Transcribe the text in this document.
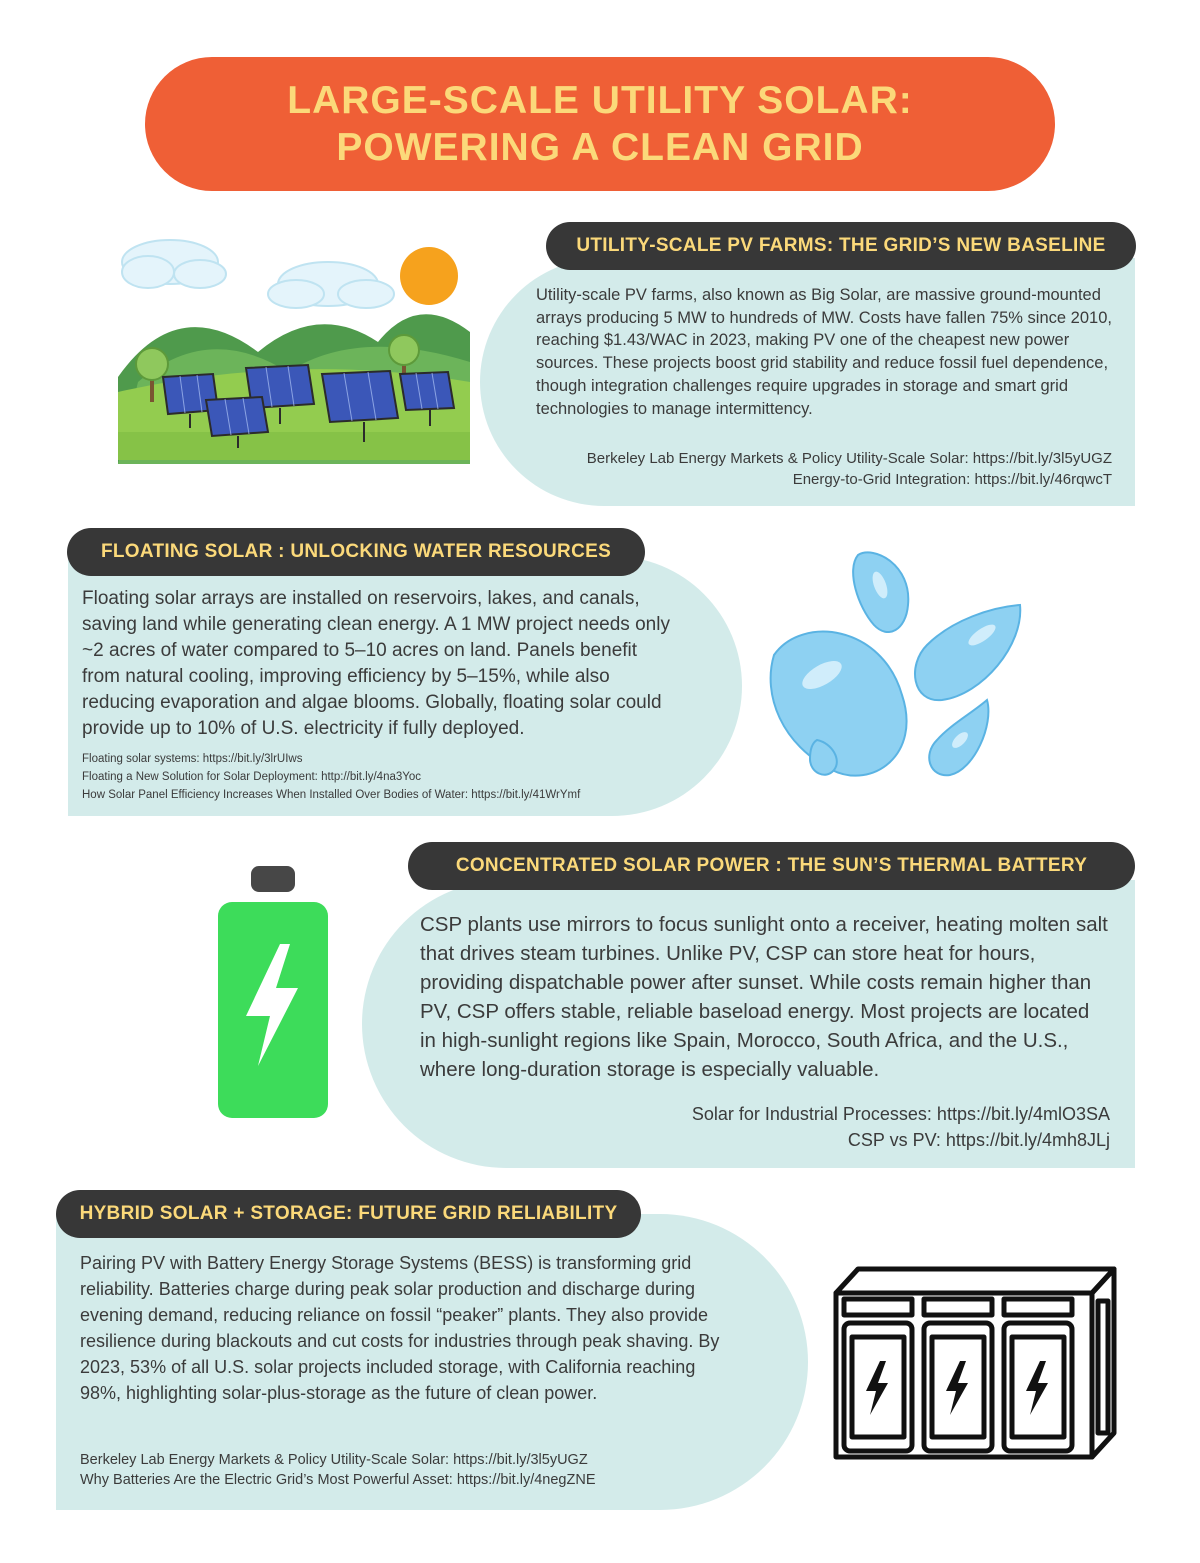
LARGE-SCALE UTILITY SOLAR:
POWERING A CLEAN GRID
UTILITY-SCALE PV FARMS: THE GRID’S NEW BASELINE
Utility-scale PV farms, also known as Big Solar, are massive ground-mounted arrays producing 5 MW to hundreds of MW. Costs have fallen 75% since 2010, reaching $1.43/WAC in 2023, making PV one of the cheapest new power sources. These projects boost grid stability and reduce fossil fuel dependence, though integration challenges require upgrades in storage and smart grid technologies to manage intermittency.
Berkeley Lab Energy Markets & Policy Utility-Scale Solar: https://bit.ly/3l5yUGZ
Energy-to-Grid Integration: https://bit.ly/46rqwcT
FLOATING SOLAR : UNLOCKING WATER RESOURCES
Floating solar arrays are installed on reservoirs, lakes, and canals, saving land while generating clean energy. A 1 MW project needs only ~2 acres of water compared to 5–10 acres on land. Panels benefit from natural cooling, improving efficiency by 5–15%, while also reducing evaporation and algae blooms. Globally, floating solar could provide up to 10% of U.S. electricity if fully deployed.
Floating solar systems: https://bit.ly/3lrUIws
Floating a New Solution for Solar Deployment: http://bit.ly/4na3Yoc
How Solar Panel Efficiency Increases When Installed Over Bodies of Water: https://bit.ly/41WrYmf
CONCENTRATED SOLAR POWER : THE SUN’S THERMAL BATTERY
CSP plants use mirrors to focus sunlight onto a receiver, heating molten salt that drives steam turbines. Unlike PV, CSP can store heat for hours, providing dispatchable power after sunset. While costs remain higher than PV, CSP offers stable, reliable baseload energy. Most projects are located in high-sunlight regions like Spain, Morocco, South Africa, and the U.S., where long-duration storage is especially valuable.
Solar for Industrial Processes: https://bit.ly/4mlO3SA
CSP vs PV: https://bit.ly/4mh8JLj
HYBRID SOLAR + STORAGE: FUTURE GRID RELIABILITY
Pairing PV with Battery Energy Storage Systems (BESS) is transforming grid reliability. Batteries charge during peak solar production and discharge during evening demand, reducing reliance on fossil “peaker” plants. They also provide resilience during blackouts and cut costs for industries through peak shaving. By 2023, 53% of all U.S. solar projects included storage, with California reaching 98%, highlighting solar-plus-storage as the future of clean power.
Berkeley Lab Energy Markets & Policy Utility-Scale Solar: https://bit.ly/3l5yUGZ
Why Batteries Are the Electric Grid’s Most Powerful Asset: https://bit.ly/4negZNE
